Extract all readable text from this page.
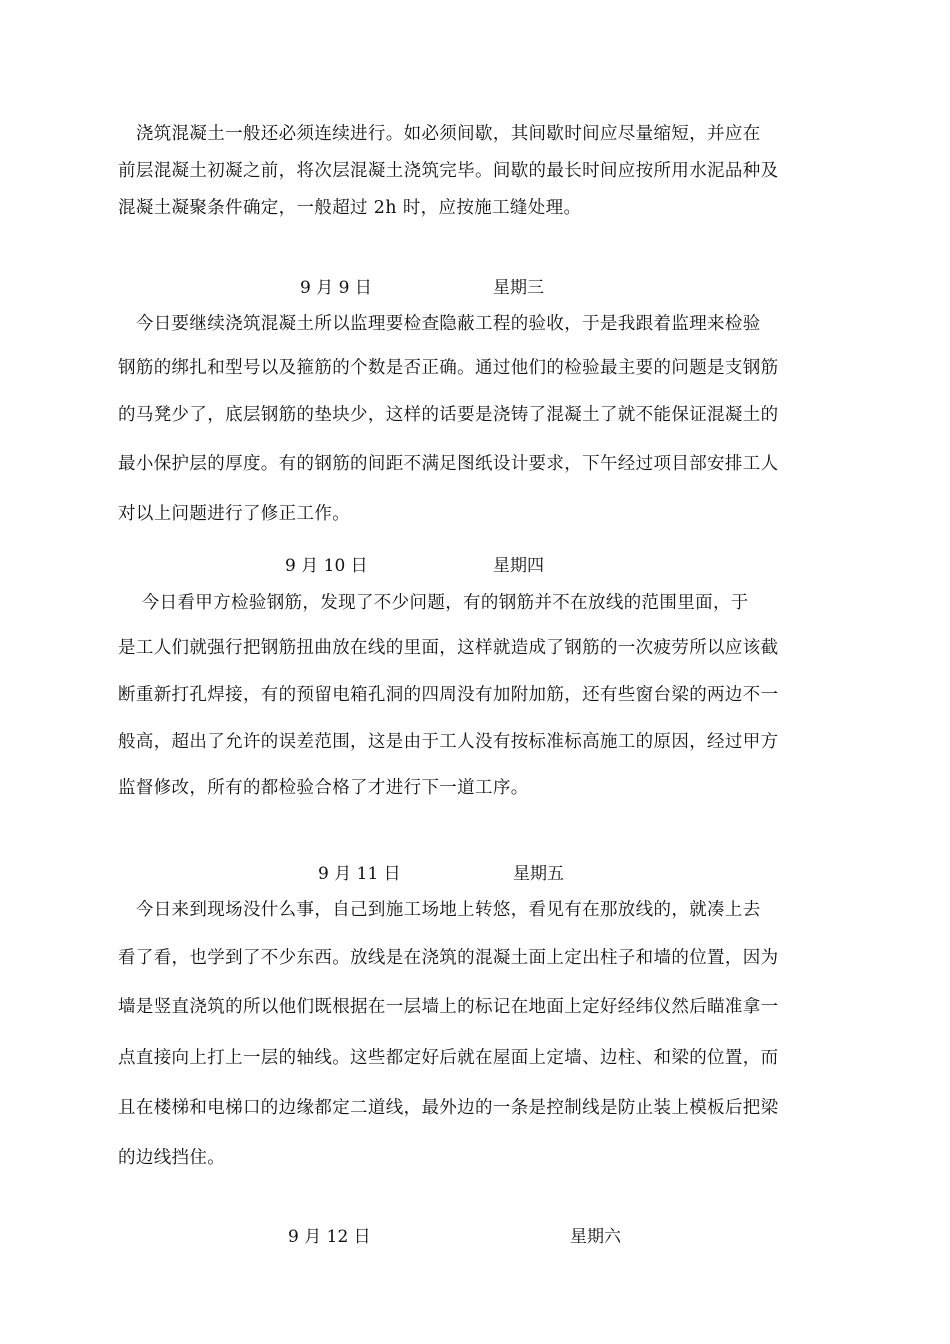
　浇筑混凝土一般还必须连续进行。如必须间歇，其间歇时间应尽量缩短，并应在
前层混凝土初凝之前，将次层混凝土浇筑完毕。间歇的最长时间应按所用水泥品种及
混凝土凝聚条件确定，一般超过 2h 时，应按施工缝处理。
9 月 9 日	星期三
　今日要继续浇筑混凝土所以监理要检查隐蔽工程的验收，于是我跟着监理来检验
钢筋的绑扎和型号以及箍筋的个数是否正确。通过他们的检验最主要的问题是支钢筋
的马凳少了，底层钢筋的垫块少，这样的话要是浇铸了混凝土了就不能保证混凝土的
最小保护层的厚度。有的钢筋的间距不满足图纸设计要求，下午经过项目部安排工人
对以上问题进行了修正工作。
9 月 10 日	星期四
　 今日看甲方检验钢筋，发现了不少问题，有的钢筋并不在放线的范围里面，于
是工人们就强行把钢筋扭曲放在线的里面，这样就造成了钢筋的一次疲劳所以应该截
断重新打孔焊接，有的预留电箱孔洞的四周没有加附加筋，还有些窗台梁的两边不一
般高，超出了允许的误差范围，这是由于工人没有按标准标高施工的原因，经过甲方
监督修改，所有的都检验合格了才进行下一道工序。
9 月 11 日	星期五
　今日来到现场没什么事，自己到施工场地上转悠，看见有在那放线的，就凑上去
看了看，也学到了不少东西。放线是在浇筑的混凝土面上定出柱子和墙的位置，因为
墙是竖直浇筑的所以他们既根据在一层墙上的标记在地面上定好经纬仪然后瞄准拿一
点直接向上打上一层的轴线。这些都定好后就在屋面上定墙、边柱、和梁的位置，而
且在楼梯和电梯口的边缘都定二道线，最外边的一条是控制线是防止装上模板后把梁
的边线挡住。
9 月 12 日	星期六
